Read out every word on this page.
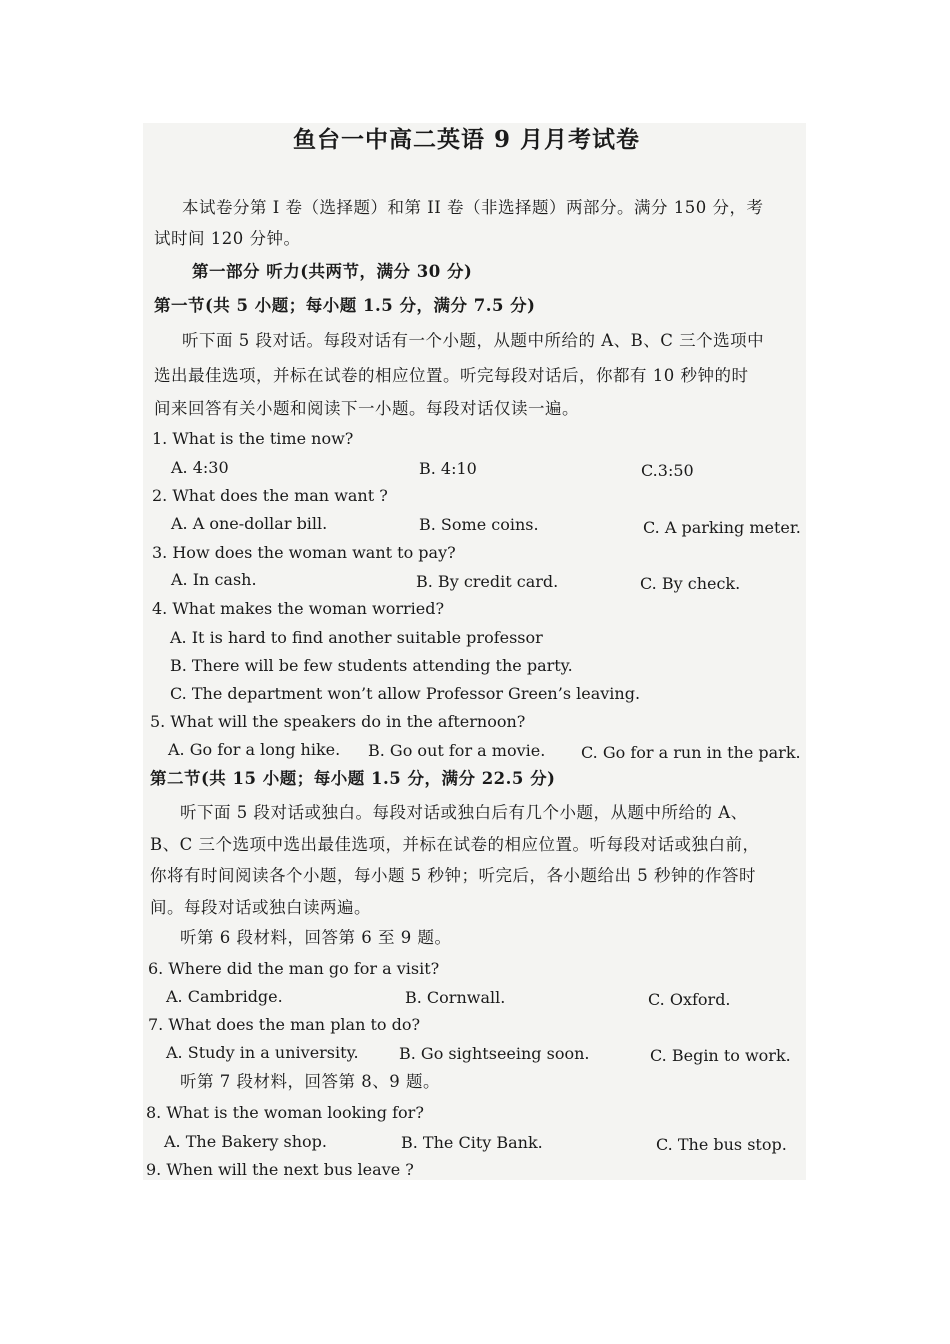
鱼台一中高二英语 9 月月考试卷
本试卷分第 I 卷（选择题）和第 II 卷（非选择题）两部分。满分 150 分，考
试时间 120 分钟。
第一部分 听力(共两节，满分 30 分)
第一节(共 5 小题；每小题 1.5 分，满分 7.5 分)
听下面 5 段对话。每段对话有一个小题，从题中所给的 A、B、C 三个选项中
选出最佳选项，并标在试卷的相应位置。听完每段对话后，你都有 10 秒钟的时
间来回答有关小题和阅读下一小题。每段对话仅读一遍。
1. What is the time now?
A. 4:30	B. 4:10	C.3:50
2. What does the man want ?
A. A one-dollar bill.	B. Some coins.	C. A parking meter.
3. How does the woman want to pay?
A. In cash.	B. By credit card.	C. By check.
4. What makes the woman worried?
A. It is hard to find another suitable professor
B. There will be few students attending the party.
C. The department won’t allow Professor Green’s leaving.
5. What will the speakers do in the afternoon?
A. Go for a long hike. B. Go out for a movie. C. Go for a run in the park.
第二节(共 15 小题；每小题 1.5 分，满分 22.5 分)
听下面 5 段对话或独白。每段对话或独白后有几个小题，从题中所给的 A、
B、C 三个选项中选出最佳选项，并标在试卷的相应位置。听每段对话或独白前，
你将有时间阅读各个小题，每小题 5 秒钟；听完后，各小题给出 5 秒钟的作答时
间。每段对话或独白读两遍。
听第 6 段材料，回答第 6 至 9 题。
6. Where did the man go for a visit?
A. Cambridge.	B. Cornwall.	C. Oxford.
7. What does the man plan to do?
A. Study in a university.	B. Go sightseeing soon.	C. Begin to work.
听第 7 段材料，回答第 8、9 题。
8. What is the woman looking for?
A. The Bakery shop.	B. The City Bank.	C. The bus stop.
9. When will the next bus leave ?
